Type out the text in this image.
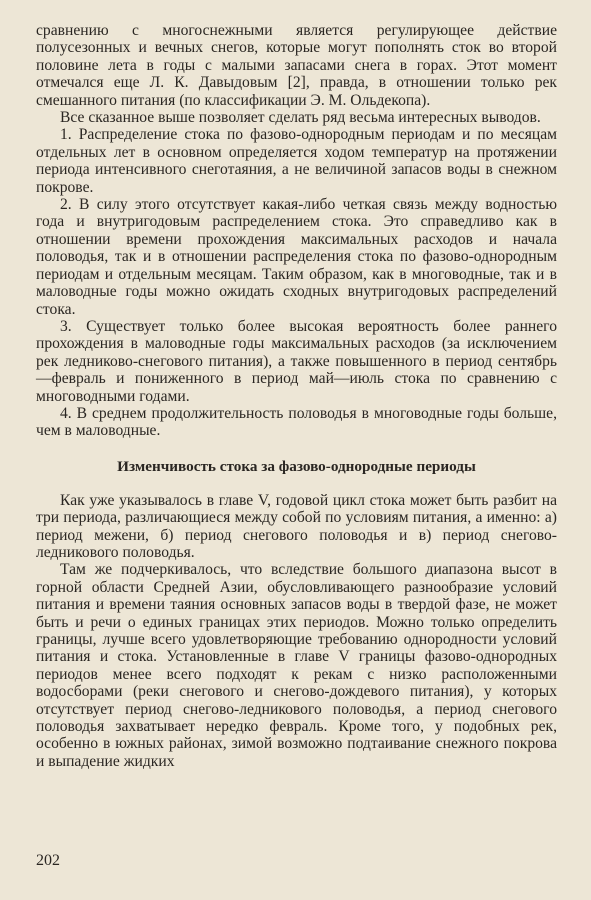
сравнению с многоснежными является регулирующее действие полусезонных и вечных снегов, которые могут пополнять сток во второй половине лета в годы с малыми запасами снега в горах. Этот момент отмечался еще Л. К. Давыдовым [2], правда, в отношении только рек смешанного питания (по классификации Э. М. Ольдекопа).

Все сказанное выше позволяет сделать ряд весьма интересных выводов.

1. Распределение стока по фазово-однородным периодам и по месяцам отдельных лет в основном определяется ходом температур на протяжении периода интенсивного снеготаяния, а не величиной запасов воды в снежном покрове.

2. В силу этого отсутствует какая-либо четкая связь между водностью года и внутригодовым распределением стока. Это справедливо как в отношении времени прохождения максимальных расходов и начала половодья, так и в отношении распределения стока по фазово-однородным периодам и отдельным месяцам. Таким образом, как в многоводные, так и в маловодные годы можно ожидать сходных внутригодовых распределений стока.

3. Существует только более высокая вероятность более раннего прохождения в маловодные годы максимальных расходов (за исключением рек ледниково-снегового питания), а также повышенного в период сентябрь—февраль и пониженного в период май—июль стока по сравнению с многоводными годами.

4. В среднем продолжительность половодья в многоводные годы больше, чем в маловодные.

Изменчивость стока за фазово-однородные периоды

Как уже указывалось в главе V, годовой цикл стока может быть разбит на три периода, различающиеся между собой по условиям питания, а именно: а) период межени, б) период снегового половодья и в) период снегово-ледникового половодья.

Там же подчеркивалось, что вследствие большого диапазона высот в горной области Средней Азии, обусловливающего разнообразие условий питания и времени таяния основных запасов воды в твердой фазе, не может быть и речи о единых границах этих периодов. Можно только определить границы, лучше всего удовлетворяющие требованию однородности условий питания и стока. Установленные в главе V границы фазово-однородных периодов менее всего подходят к рекам с низко расположенными водосборами (реки снегового и снегово-дождевого питания), у которых отсутствует период снегово-ледникового половодья, а период снегового половодья захватывает нередко февраль. Кроме того, у подобных рек, особенно в южных районах, зимой возможно подтаивание снежного покрова и выпадение жидких

202
